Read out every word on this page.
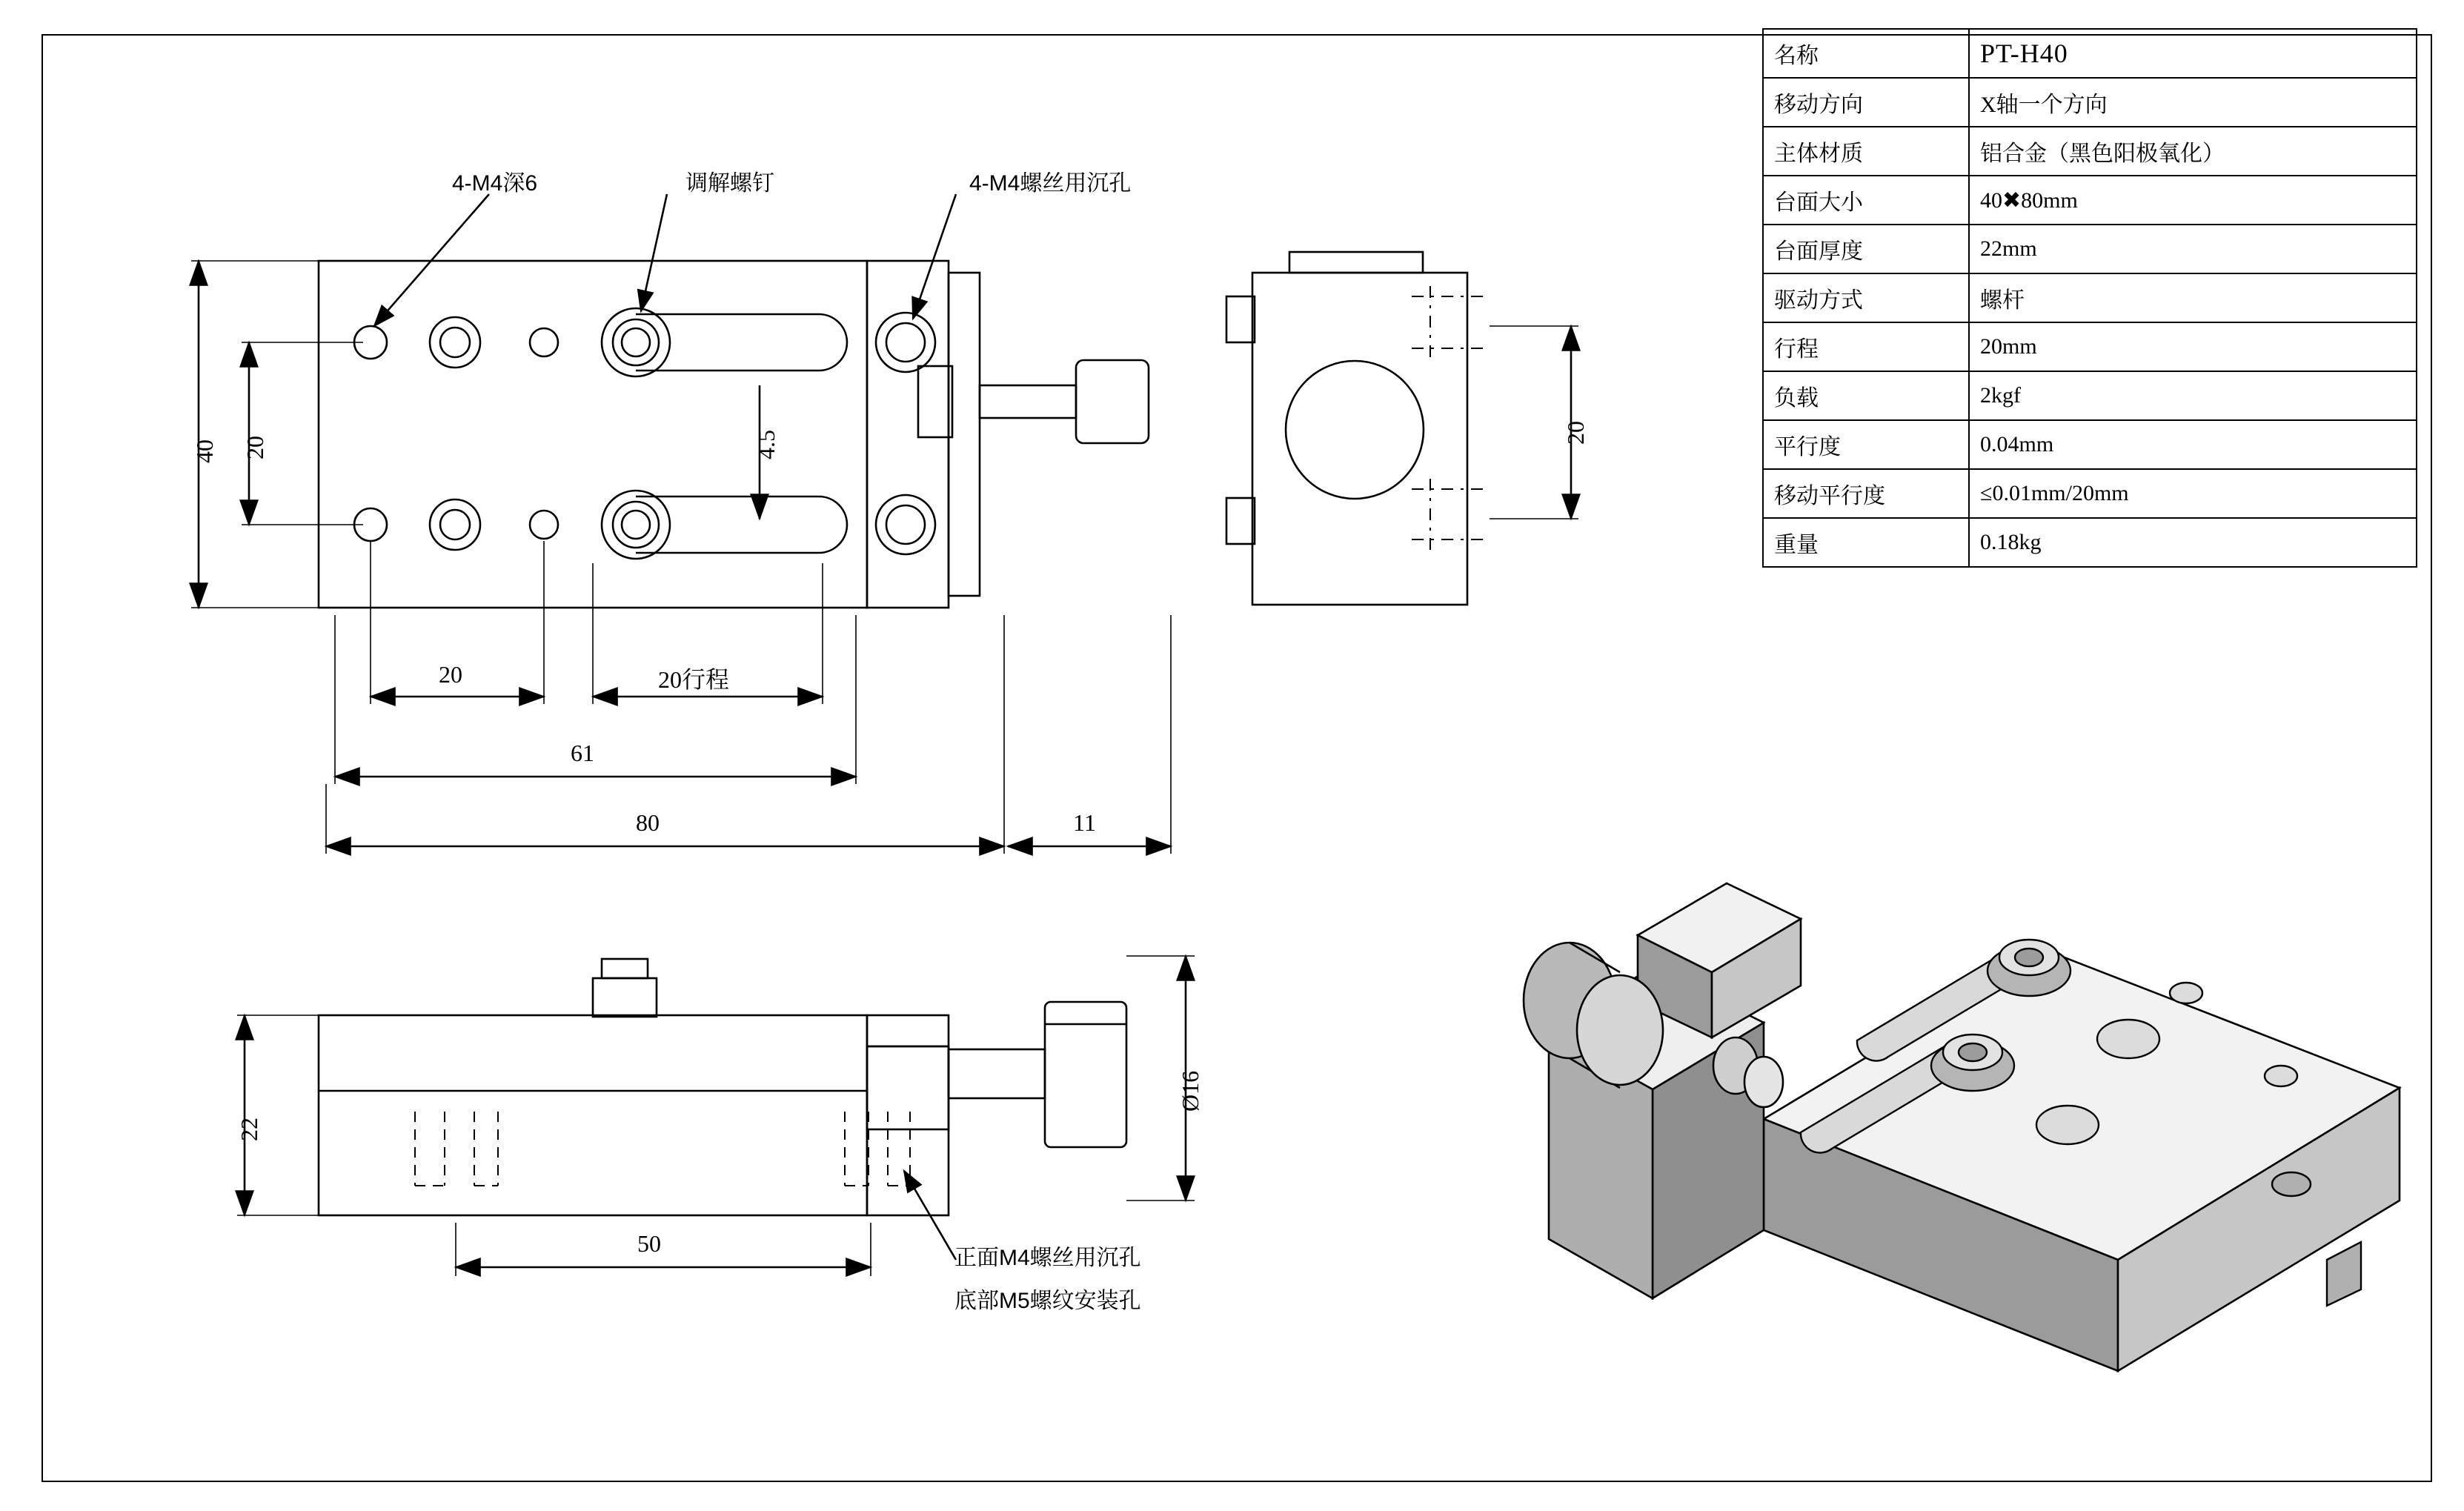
名称	PT-H40
移动方向	X轴一个方向
主体材质	铝合金（黑色阳极氧化）
台面大小	40✖80mm
台面厚度	22mm
驱动方式	螺杆
行程	20mm
负载	2kgf
平行度	0.04mm
移动平行度	≤0.01mm/20mm
重量	0.18kg
4-M4深6	调解螺钉	4-M4螺丝用沉孔
40 20	4.5
20	20行程
61
80	11
20
22
50
Ø16
正面M4螺丝用沉孔
底部M5螺纹安装孔
